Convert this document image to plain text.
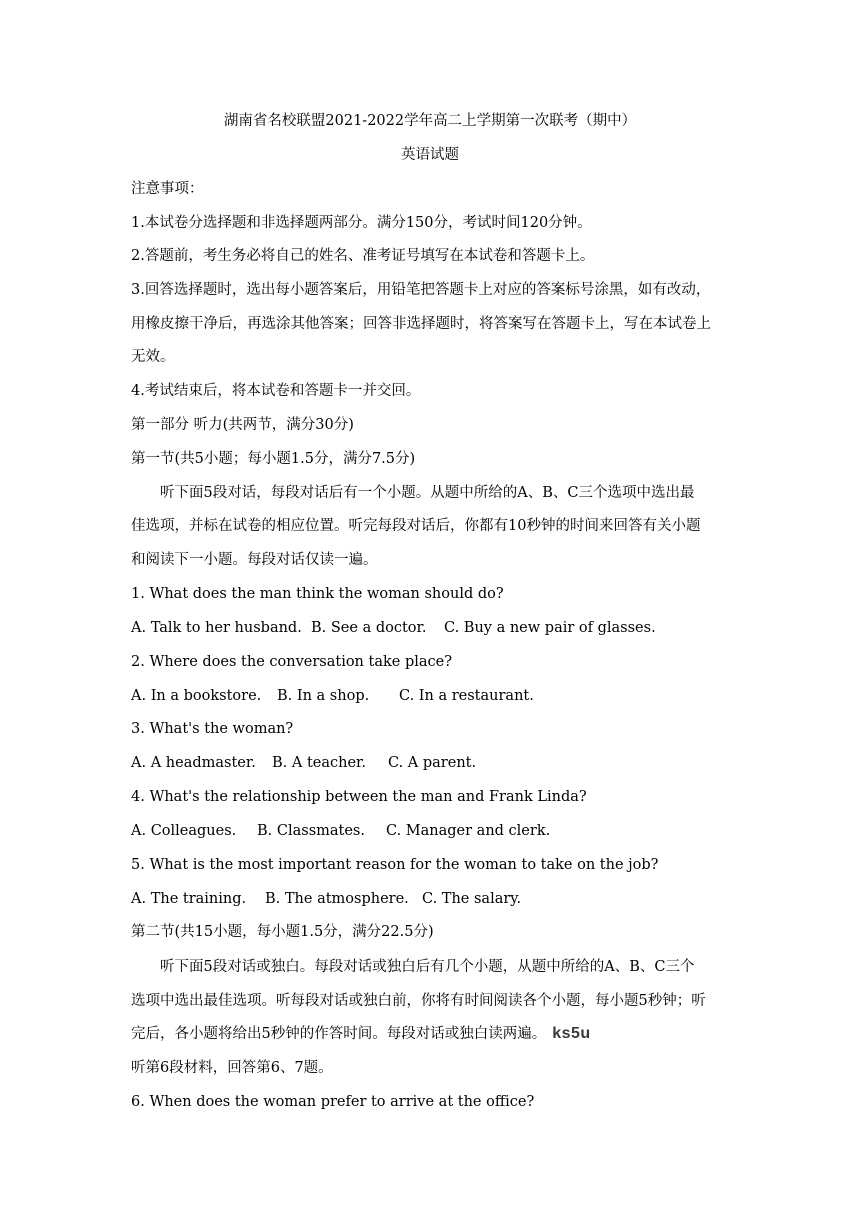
湖南省名校联盟2021-2022学年高二上学期第一次联考（期中）
英语试题
注意事项：
1.本试卷分选择题和非选择题两部分。满分150分，考试时间120分钟。
2.答题前，考生务必将自己的姓名、准考证号填写在本试卷和答题卡上。
3.回答选择题时，选出每小题答案后，用铅笔把答题卡上对应的答案标号涂黑，如有改动，
用橡皮擦干净后，再选涂其他答案；回答非选择题时，将答案写在答题卡上，写在本试卷上
无效。
4.考试结束后，将本试卷和答题卡一并交回。
第一部分 听力(共两节，满分30分)
第一节(共5小题；每小题1.5分，满分7.5分)
听下面5段对话，每段对话后有一个小题。从题中所给的A、B、C三个选项中选出最
佳选项，并标在试卷的相应位置。听完每段对话后，你都有10秒钟的时间来回答有关小题
和阅读下一小题。每段对话仅读一遍。
1. What does the man think the woman should do?
A. Talk to her husband. B. See a doctor. C. Buy a new pair of glasses.
2. Where does the conversation take place?
A. In a bookstore. B. In a shop. C. In a restaurant.
3. What's the woman?
A. A headmaster. B. A teacher. C. A parent.
4. What's the relationship between the man and Frank Linda?
A. Colleagues. B. Classmates. C. Manager and clerk.
5. What is the most important reason for the woman to take on the job?
A. The training. B. The atmosphere. C. The salary.
第二节(共15小题，每小题1.5分，满分22.5分)
听下面5段对话或独白。每段对话或独白后有几个小题，从题中所给的A、B、C三个
选项中选出最佳选项。听每段对话或独白前，你将有时间阅读各个小题，每小题5秒钟；听
完后，各小题将给出5秒钟的作答时间。每段对话或独白读两遍。 ks5u
听第6段材料，回答第6、7题。
6. When does the woman prefer to arrive at the office?
